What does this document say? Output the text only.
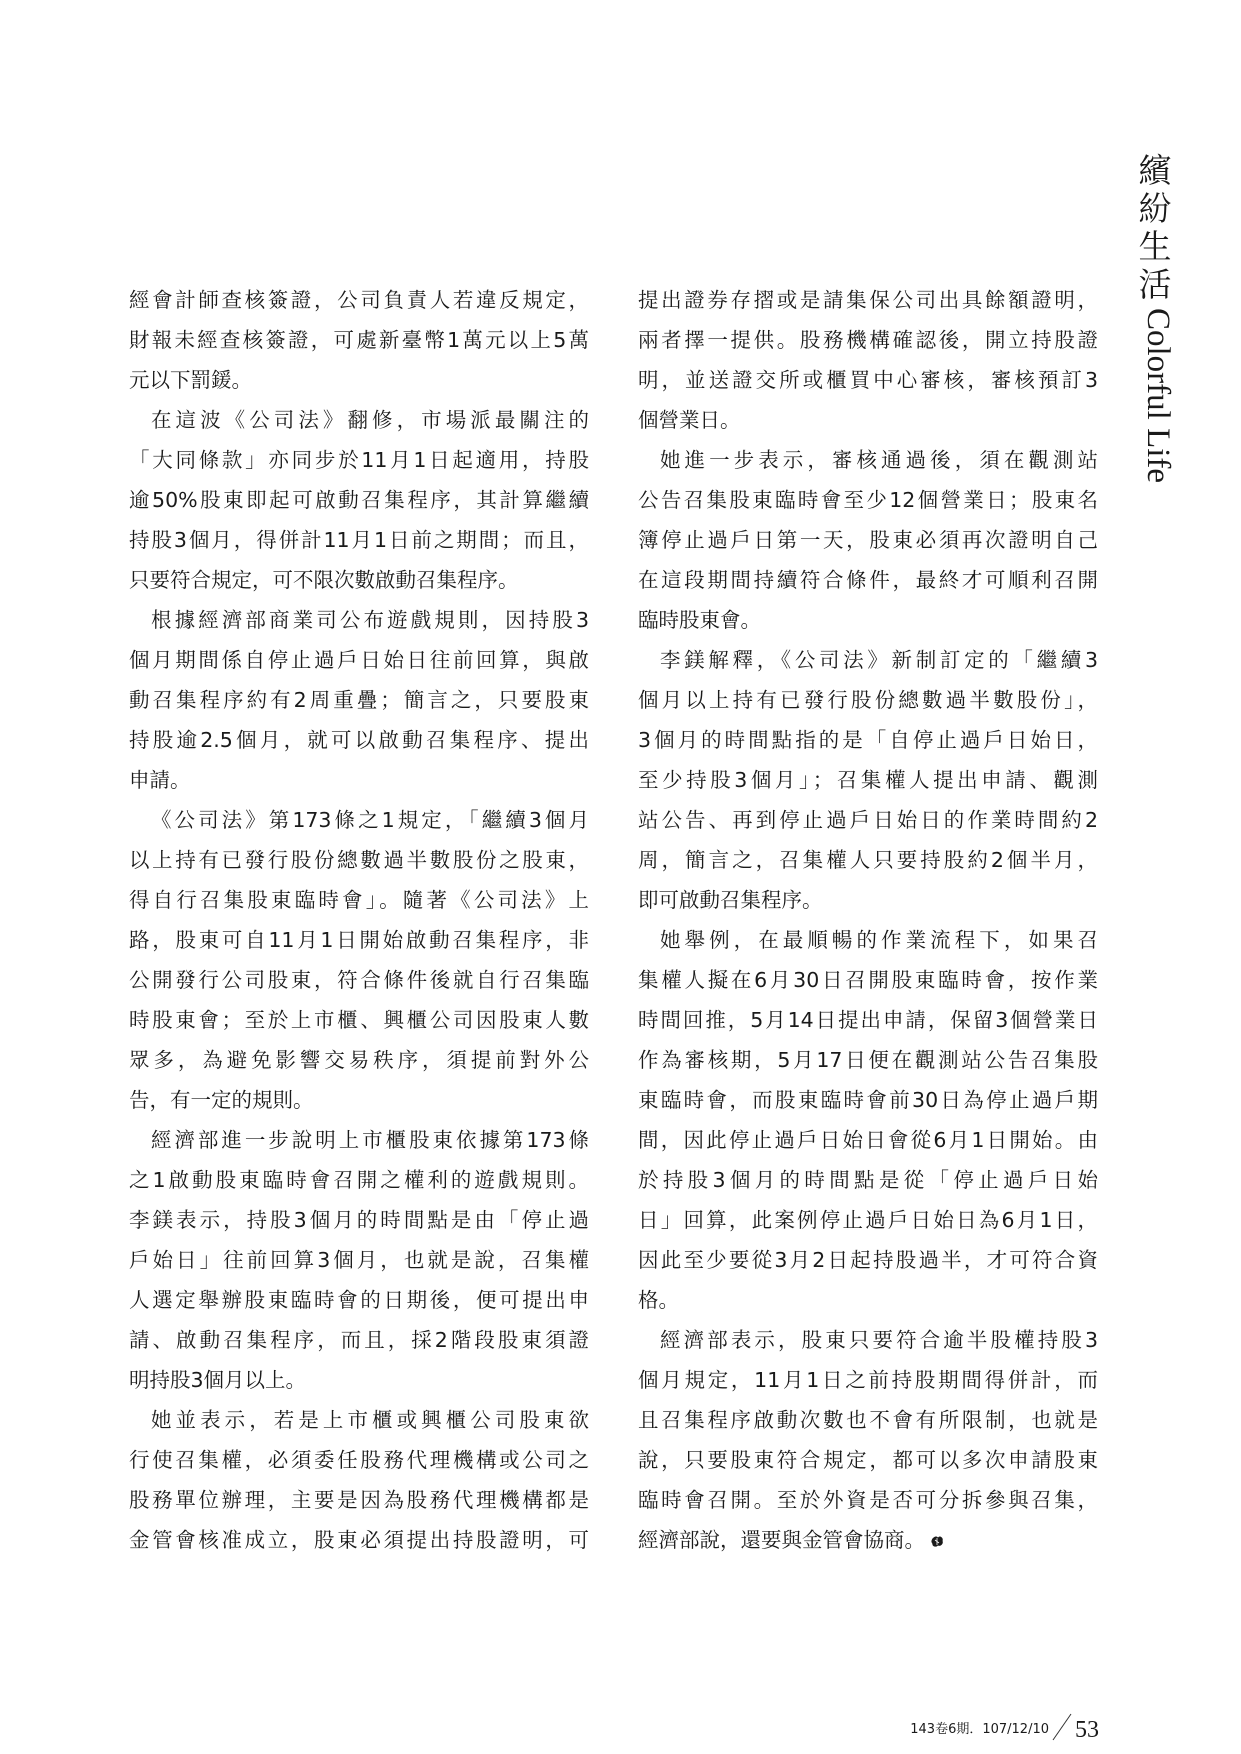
繽紛生活
Colorful Life
經會計師查核簽證，公司負責人若違反規定，
財報未經查核簽證，可處新臺幣1萬元以上5萬
元以下罰鍰。
在這波《公司法》翻修，市場派最關注的
「大同條款」亦同步於11月1日起適用，持股
逾50%股東即起可啟動召集程序，其計算繼續
持股3個月，得併計11月1日前之期間；而且，
只要符合規定，可不限次數啟動召集程序。
根據經濟部商業司公布遊戲規則，因持股3
個月期間係自停止過戶日始日往前回算，與啟
動召集程序約有2周重疊；簡言之，只要股東
持股逾2.5個月，就可以啟動召集程序、提出
申請。
《公司法》第173條之1規定，「繼續3個月
以上持有已發行股份總數過半數股份之股東，
得自行召集股東臨時會」。隨著《公司法》上
路，股東可自11月1日開始啟動召集程序，非
公開發行公司股東，符合條件後就自行召集臨
時股東會；至於上市櫃、興櫃公司因股東人數
眾多，為避免影響交易秩序，須提前對外公
告，有一定的規則。
經濟部進一步說明上市櫃股東依據第173條
之1啟動股東臨時會召開之權利的遊戲規則。
李鎂表示，持股3個月的時間點是由「停止過
戶始日」往前回算3個月，也就是說，召集權
人選定舉辦股東臨時會的日期後，便可提出申
請、啟動召集程序，而且，採2階段股東須證
明持股3個月以上。
她並表示，若是上市櫃或興櫃公司股東欲
行使召集權，必須委任股務代理機構或公司之
股務單位辦理，主要是因為股務代理機構都是
金管會核准成立，股東必須提出持股證明，可
提出證券存摺或是請集保公司出具餘額證明，
兩者擇一提供。股務機構確認後，開立持股證
明，並送證交所或櫃買中心審核，審核預訂3
個營業日。
她進一步表示，審核通過後，須在觀測站
公告召集股東臨時會至少12個營業日；股東名
簿停止過戶日第一天，股東必須再次證明自己
在這段期間持續符合條件，最終才可順利召開
臨時股東會。
李鎂解釋，《公司法》新制訂定的「繼續3
個月以上持有已發行股份總數過半數股份」，
3個月的時間點指的是「自停止過戶日始日，
至少持股3個月」；召集權人提出申請、觀測
站公告、再到停止過戶日始日的作業時間約2
周，簡言之，召集權人只要持股約2個半月，
即可啟動召集程序。
她舉例，在最順暢的作業流程下，如果召
集權人擬在6月30日召開股東臨時會，按作業
時間回推，5月14日提出申請，保留3個營業日
作為審核期，5月17日便在觀測站公告召集股
東臨時會，而股東臨時會前30日為停止過戶期
間，因此停止過戶日始日會從6月1日開始。由
於持股3個月的時間點是從「停止過戶日始
日」回算，此案例停止過戶日始日為6月1日，
因此至少要從3月2日起持股過半，才可符合資
格。
經濟部表示，股東只要符合逾半股權持股3
個月規定，11月1日之前持股期間得併計，而
且召集程序啟動次數也不會有所限制，也就是
說，只要股東符合規定，都可以多次申請股東
臨時會召開。至於外資是否可分拆參與召集，
經濟部說，還要與金管會協商。
143卷6期．107/12/10 53
